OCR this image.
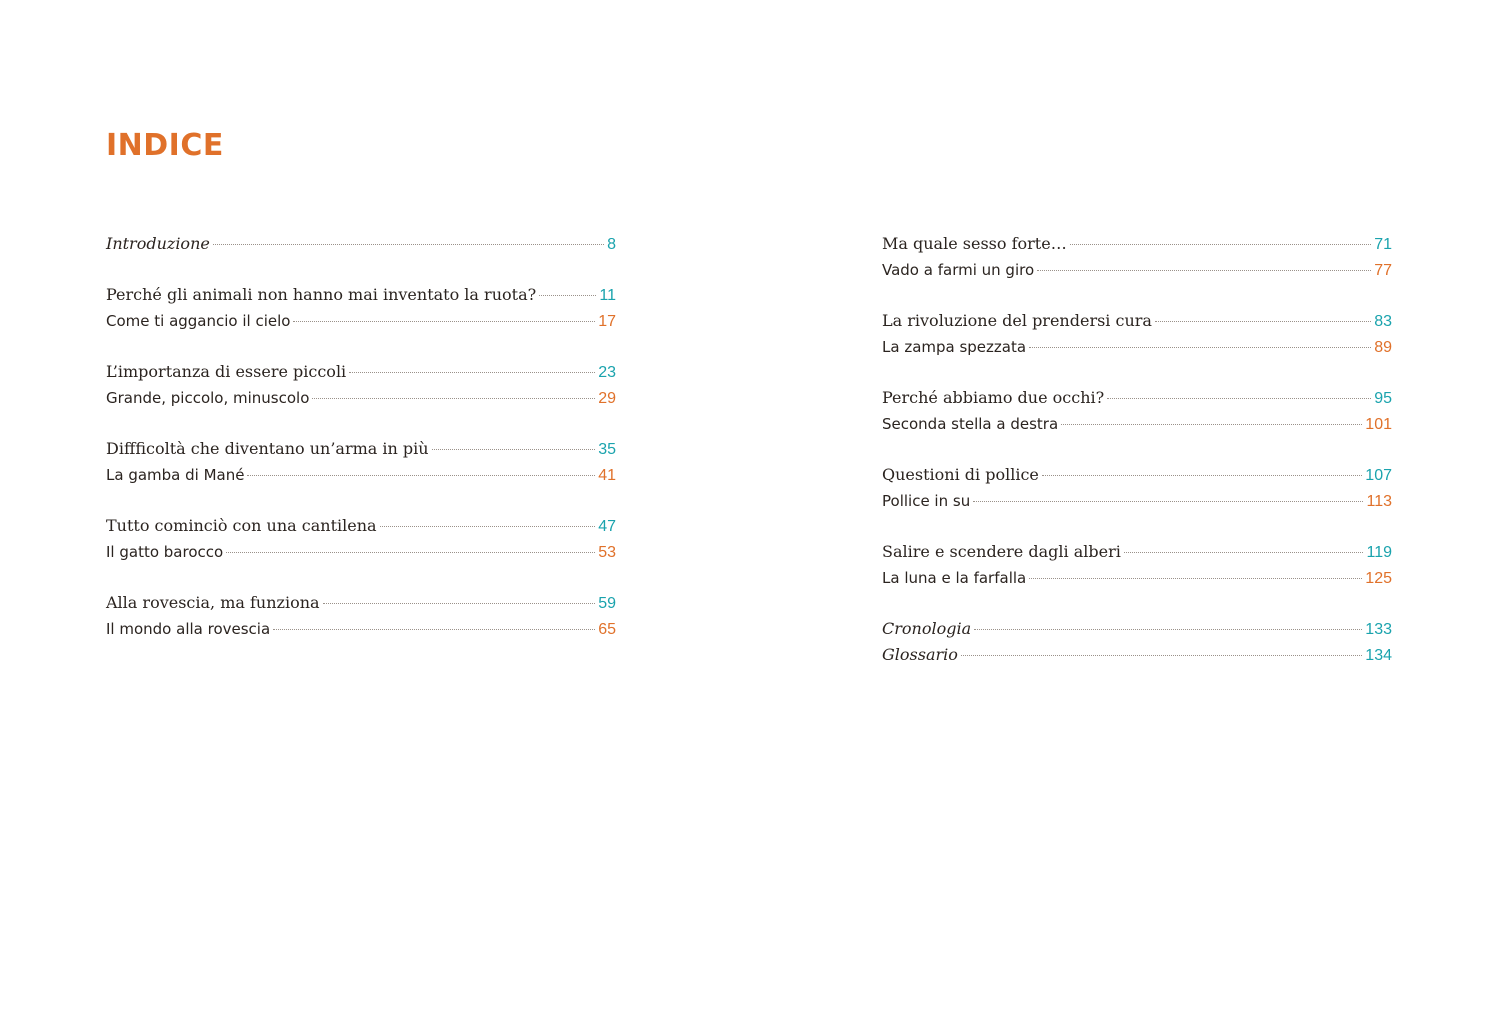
INDICE
Introduzione	8
Perché gli animali non hanno mai inventato la ruota?	11
Come ti aggancio il cielo	17
L’importanza di essere piccoli	23
Grande, piccolo, minuscolo	29
Diffficoltà che diventano un’arma in più	35
La gamba di Mané	41
Tutto cominciò con una cantilena	47
Il gatto barocco	53
Alla rovescia, ma funziona	59
Il mondo alla rovescia	65
Ma quale sesso forte…	71
Vado a farmi un giro	77
La rivoluzione del prendersi cura	83
La zampa spezzata	89
Perché abbiamo due occhi?	95
Seconda stella a destra	101
Questioni di pollice	107
Pollice in su	113
Salire e scendere dagli alberi	119
La luna e la farfalla	125
Cronologia	133
Glossario	134
